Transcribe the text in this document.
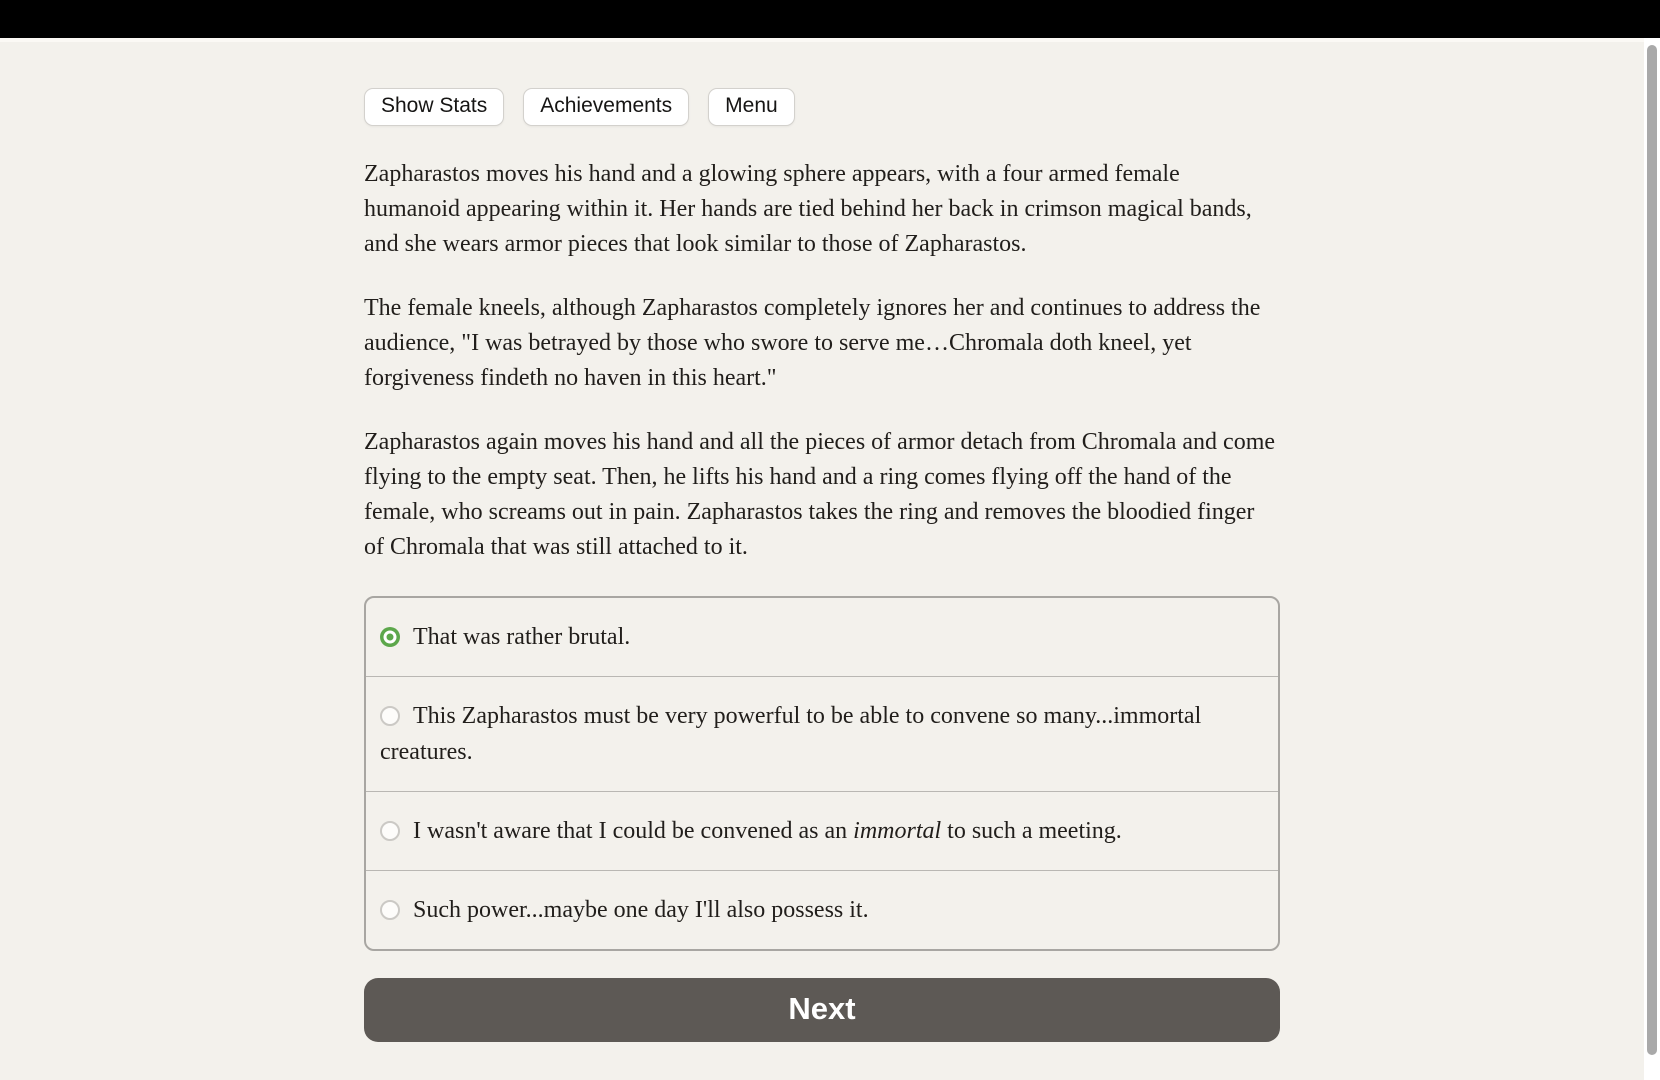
Show Stats	Achievements	Menu

Zapharastos moves his hand and a glowing sphere appears, with a four armed female humanoid appearing within it. Her hands are tied behind her back in crimson magical bands, and she wears armor pieces that look similar to those of Zapharastos.

The female kneels, although Zapharastos completely ignores her and continues to address the audience, "I was betrayed by those who swore to serve me…Chromala doth kneel, yet forgiveness findeth no haven in this heart."

Zapharastos again moves his hand and all the pieces of armor detach from Chromala and come flying to the empty seat. Then, he lifts his hand and a ring comes flying off the hand of the female, who screams out in pain. Zapharastos takes the ring and removes the bloodied finger of Chromala that was still attached to it.

That was rather brutal.
This Zapharastos must be very powerful to be able to convene so many...immortal creatures.
I wasn't aware that I could be convened as an immortal to such a meeting.
Such power...maybe one day I'll also possess it.
Next
